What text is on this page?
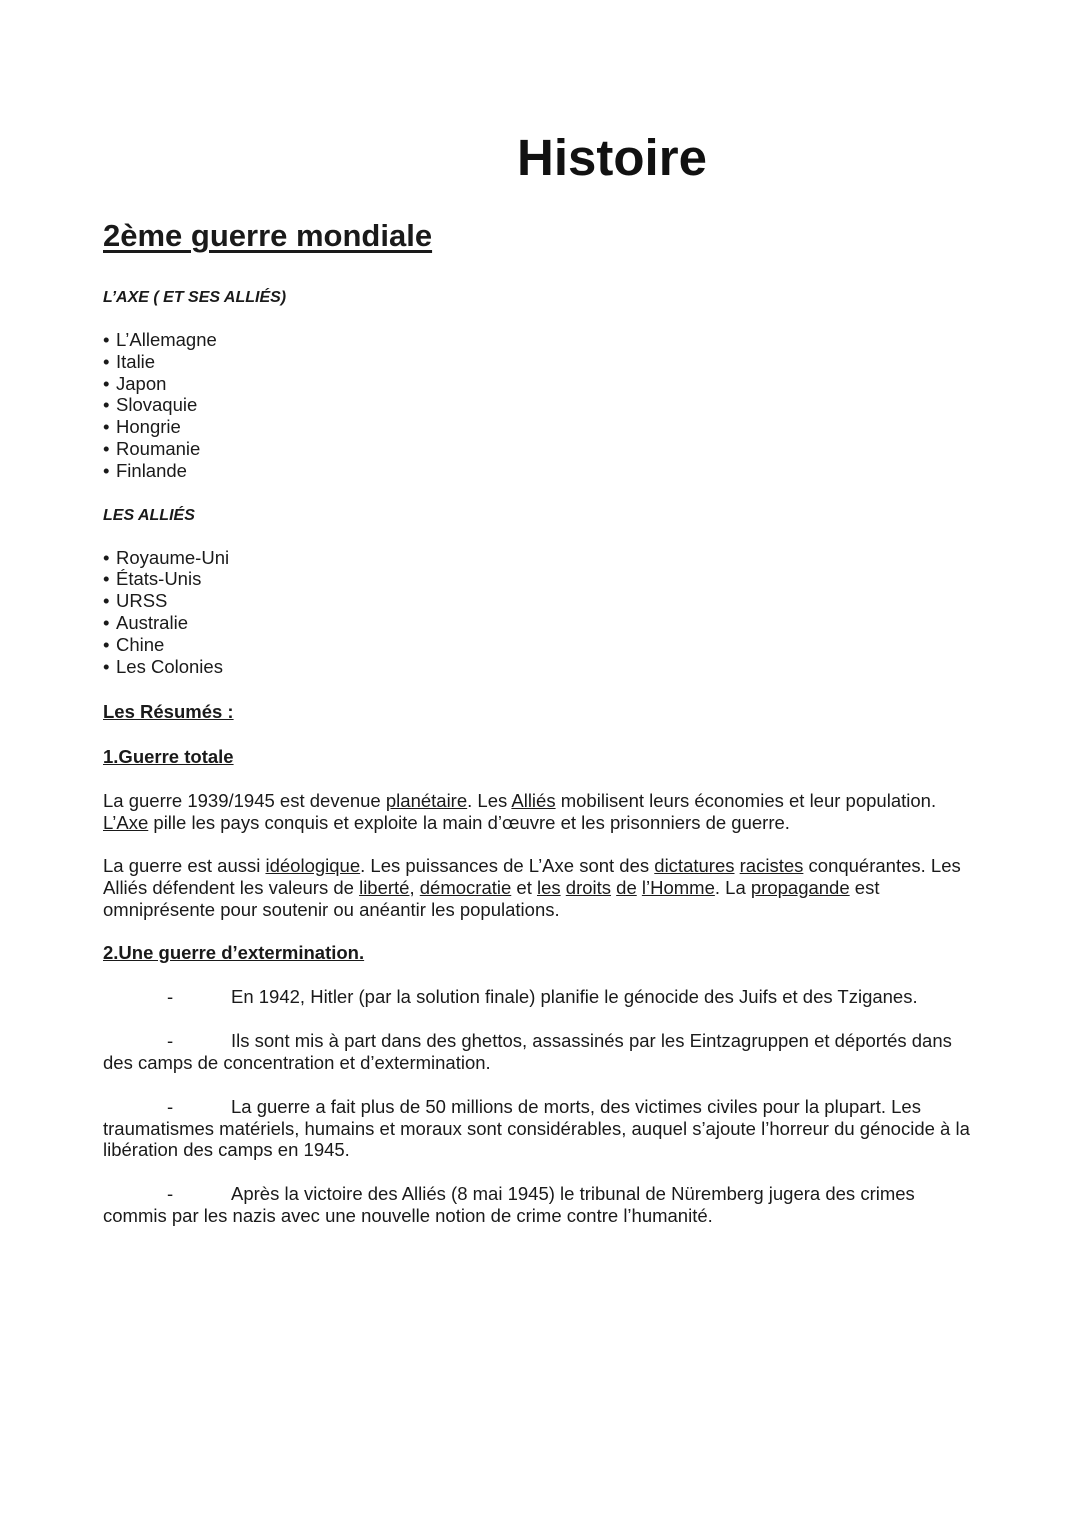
Histoire
2ème guerre mondiale

L’AXE ( ET SES ALLIÉS)

• L’Allemagne
• Italie
• Japon
• Slovaquie
• Hongrie
• Roumanie
• Finlande

LES ALLIÉS

• Royaume-Uni
• États-Unis
• URSS
• Australie
• Chine
• Les Colonies

Les Résumés :

1.Guerre totale

La guerre 1939/1945 est devenue planétaire. Les Alliés mobilisent leurs économies et leur population. L’Axe pille les pays conquis et exploite la main d’œuvre et les prisonniers de guerre.

La guerre est aussi idéologique. Les puissances de L’Axe sont des dictatures racistes conquérantes. Les Alliés défendent les valeurs de liberté, démocratie et les droits de l’Homme. La propagande est omniprésente pour soutenir ou anéantir les populations.

2.Une guerre d’extermination.

-	En 1942, Hitler (par la solution finale) planifie le génocide des Juifs et des Tziganes.

-	Ils sont mis à part dans des ghettos, assassinés par les Eintzagruppen et déportés dans des camps de concentration et d’extermination.

-	La guerre a fait plus de 50 millions de morts, des victimes civiles pour la plupart. Les traumatismes matériels, humains et moraux sont considérables, auquel s’ajoute l’horreur du génocide à la libération des camps en 1945.

-	Après la victoire des Alliés (8 mai 1945) le tribunal de Nüremberg jugera des crimes commis par les nazis avec une nouvelle notion de crime contre l’humanité.
